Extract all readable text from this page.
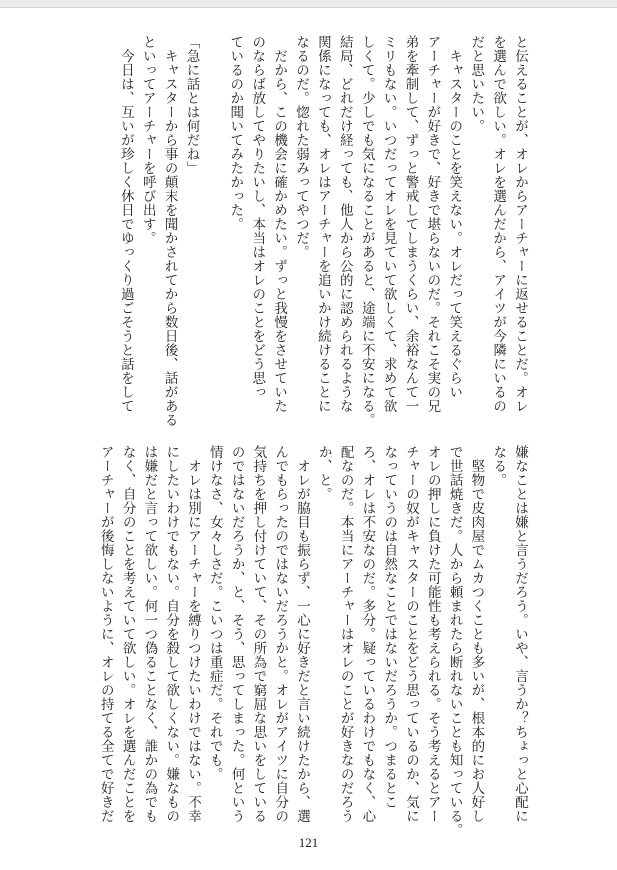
と伝えることが、オレからアーチャーに返せることだ。オレ
を選んで欲しい。オレを選んだから、アイツが今隣にいるの
だと思いたい。
　キャスターのことを笑えない。オレだって笑えるぐらい
アーチャーが好きで、好きで堪らないのだ。それこそ実の兄
弟を牽制して、ずっと警戒してしまうくらい、余裕なんて一
ミリもない。いつだってオレを見ていて欲しくて、求めて欲
しくて。少しでも気になることがあると、途端に不安になる。
結局、どれだけ経っても、他人から公的に認められるような
関係になっても、オレはアーチャーを追いかけ続けることに
なるのだ。惚れた弱みってやつだ。
　だから、この機会に確かめたい。ずっと我慢をさせていた
のならば放してやりたいし、本当はオレのことをどう思っ
ているのか聞いてみたかった。
「急に話とは何だね」
　キャスターから事の顛末を聞かされてから数日後、話がある
といってアーチャーを呼び出す。
　今日は、互いが珍しく休日でゆっくり過ごそうと話をして
嫌なことは嫌と言うだろう。いや、言うか？ちょっと心配に
なる。
　堅物で皮肉屋でムカつくことも多いが、根本的にお人好し
で世話焼きだ。人から頼まれたら断れないことも知っている。
オレの押しに負けた可能性も考えられる。そう考えるとアー
チャーの奴がキャスターのことをどう思っているのか、気に
なっていうのは自然なことではないだろうか。つまるとこ
ろ、オレは不安なのだ。多分。疑っているわけでもなく、心
配なのだ。本当にアーチャーはオレのことが好きなのだろう
か、と。
　オレが脇目も振らず、一心に好きだと言い続けたから、選
んでもらったのではないだろうかと。オレがアイツに自分の
気持ちを押し付けていて、その所為で窮屈な思いをしている
のではないだろうか、と、そう、思ってしまった。何という
情けなさ、女々しさだ。こいつは重症だ。それでも。
　オレは別にアーチャーを縛りつけたいわけではない。不幸
にしたいわけでもない。自分を殺して欲しくない。嫌なもの
は嫌だと言って欲しい。何一つ偽ることなく、誰かの為でも
なく、自分のことを考えていて欲しい。オレを選んだことを
アーチャーが後悔しないように、オレの持てる全てで好きだ
121
